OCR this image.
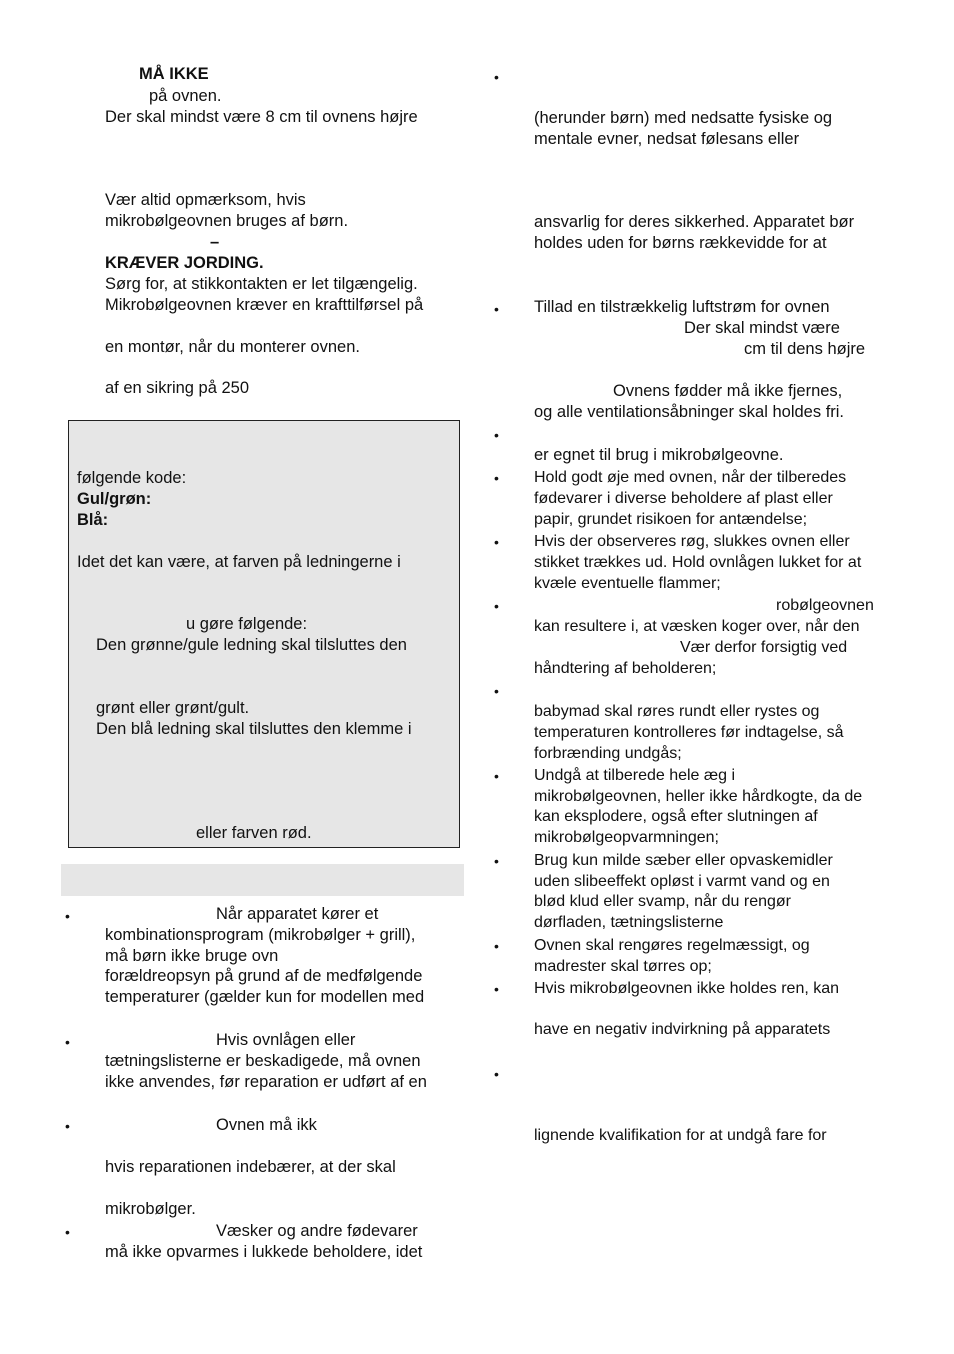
MÅ IKKE

på ovnen.

Der skal mindst være 8 cm til ovnens højre

Vær altid opmærksom, hvis

mikrobølgeovnen bruges af børn.

–

KRÆVER JORDING.

Sørg for, at stikkontakten er let tilgængelig.

Mikrobølgeovnen kræver en krafttilførsel på

en montør, når du monterer ovnen.

af en sikring på 250

følgende kode:

Gul/grøn:

Blå:

Idet det kan være, at farven på ledningerne i

u gøre følgende:

Den grønne/gule ledning skal tilsluttes den

grønt eller grønt/gult.

Den blå ledning skal tilsluttes den klemme i

eller farven rød.

•	Når apparatet kører et

kombinationsprogram (mikrobølger + grill),

må børn ikke bruge ovn

forældreopsyn på grund af de medfølgende

temperaturer (gælder kun for modellen med

•	Hvis ovnlågen eller

tætningslisterne er beskadigede, må ovnen

ikke anvendes, før reparation er udført af en

•	Ovnen må ikk

hvis reparationen indebærer, at der skal

mikrobølger.

•	Væsker og andre fødevarer

må ikke opvarmes i lukkede beholdere, idet

•

(herunder børn) med nedsatte fysiske og

mentale evner, nedsat følesans eller

ansvarlig for deres sikkerhed. Apparatet bør

holdes uden for børns rækkevidde for at

• Tillad en tilstrækkelig luftstrøm for ovnen

Der skal mindst være

cm til dens højre

Ovnens fødder må ikke fjernes,

og alle ventilationsåbninger skal holdes fri.

•

er egnet til brug i mikrobølgeovne.

• Hold godt øje med ovnen, når der tilberedes

fødevarer i diverse beholdere af plast eller

papir, grundet risikoen for antændelse;

• Hvis der observeres røg, slukkes ovnen eller

stikket trækkes ud. Hold ovnlågen lukket for at

kvæle eventuelle flammer;

•	robølgeovnen

kan resultere i, at væsken koger over, når den

Vær derfor forsigtig ved

håndtering af beholderen;

•

babymad skal røres rundt eller rystes og

temperaturen kontrolleres før indtagelse, så

forbrænding undgås;

• Undgå at tilberede hele æg i

mikrobølgeovnen, heller ikke hårdkogte, da de

kan eksplodere, også efter slutningen af

mikrobølgeopvarmningen;

• Brug kun milde sæber eller opvaskemidler

uden slibeeffekt opløst i varmt vand og en

blød klud eller svamp, når du rengør

dørfladen, tætningslisterne

• Ovnen skal rengøres regelmæssigt, og

madrester skal tørres op;

• Hvis mikrobølgeovnen ikke holdes ren, kan

have en negativ indvirkning på apparatets

•

lignende kvalifikation for at undgå fare for
